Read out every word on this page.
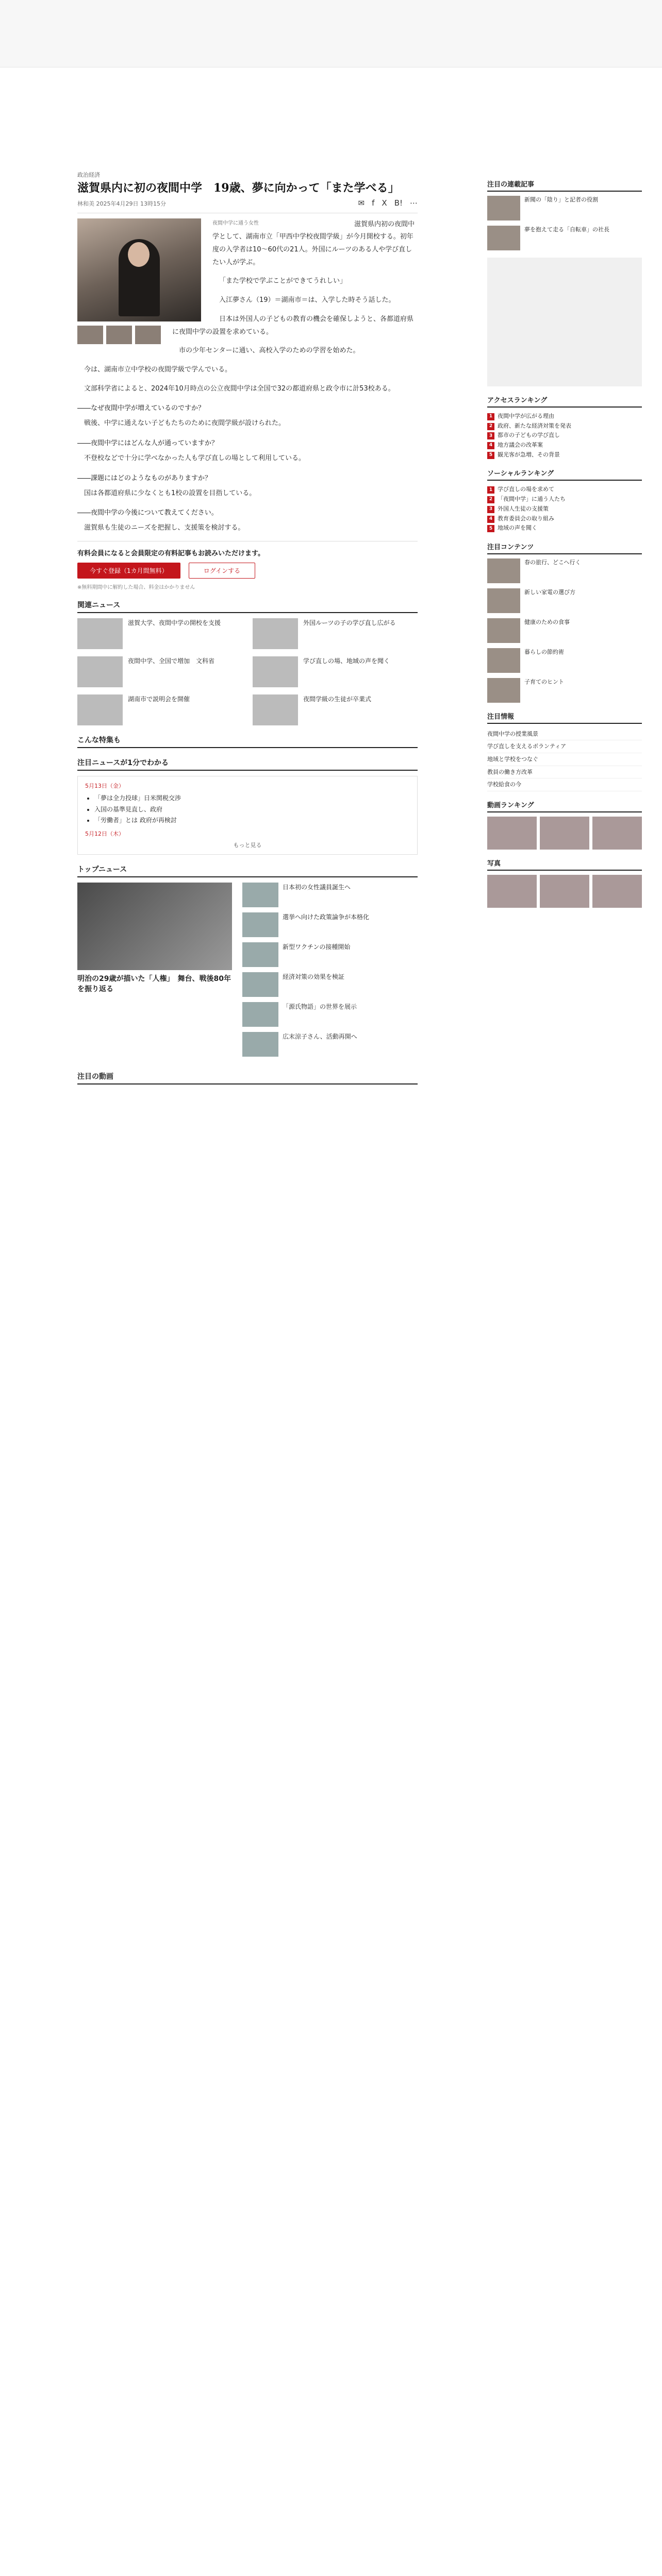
政治経済
滋賀県内に初の夜間中学　19歳、夢に向かって「また学べる」
林和美 2025年4月29日 13時15分	✉ f X B! ⋯
夜間中学に通う女性	滋賀県内初の夜間中学として、湖南市立「甲西中学校夜間学級」が今月開校する。初年度の入学者は10〜60代の21人。外国にルーツのある人や学び直したい人が学ぶ。

「また学校で学ぶことができてうれしい」

入江夢さん（19）＝湖南市＝は、入学した時そう話した。

日本は外国人の子どもの教育の機会を確保しようと、各都道府県に夜間中学の設置を求めている。

市の少年センターに通い、高校入学のための学習を始めた。

今は、湖南市立中学校の夜間学級で学んでいる。

文部科学省によると、2024年10月時点の公立夜間中学は全国で32の都道府県と政令市に計53校ある。

――なぜ夜間中学が増えているのですか？

戦後、中学に通えない子どもたちのために夜間学級が設けられた。

――夜間中学にはどんな人が通っていますか？

不登校などで十分に学べなかった人も学び直しの場として利用している。

――課題にはどのようなものがありますか？

国は各都道府県に少なくとも1校の設置を目指している。

――夜間中学の今後について教えてください。

滋賀県も生徒のニーズを把握し、支援策を検討する。

有料会員になると会員限定の有料記事もお読みいただけます。
今すぐ登録（1カ月間無料）	ログインする
※無料期間中に解約した場合、料金はかかりません
関連ニュース
滋賀大学、夜間中学の開校を支援	外国ルーツの子の学び直し広がる
夜間中学、全国で増加　文科省	学び直しの場、地域の声を聞く
湖南市で説明会を開催	夜間学級の生徒が卒業式
こんな特集も
注目ニュースが1分でわかる
5月13日（金）
• 「夢は全力投球」日米関税交渉
• 入国の基準見直し、政府
• 「労働者」とは 政府が再検討
5月12日（木）
もっと見る
トップニュース
明治の29歳が描いた「人権」　舞台、戦後80年を振り返る
日本初の女性議員誕生へ
選挙へ向けた政策論争が本格化
新型ワクチンの接種開始
経済対策の効果を検証
「源氏物語」の世界を展示
広末涼子さん、活動再開へ
注目の動画
注目の連載記事
新聞の「陰り」と記者の役割
夢を抱えて走る「自転車」の社長
アクセスランキング
1 夜間中学が広がる理由
2 政府、新たな経済対策を発表
3 都市の子どもの学び直し
4 地方議会の改革案
5 観光客が急増、その背景
ソーシャルランキング
1 学び直しの場を求めて
2 「夜間中学」に通う人たち
3 外国人生徒の支援策
4 教育委員会の取り組み
5 地域の声を聞く
注目コンテンツ
春の旅行、どこへ行く
新しい家電の選び方
健康のための食事
暮らしの節約術
子育てのヒント
注目情報
夜間中学の授業風景
学び直しを支えるボランティア
地域と学校をつなぐ
教員の働き方改革
学校給食の今
動画ランキング
写真
